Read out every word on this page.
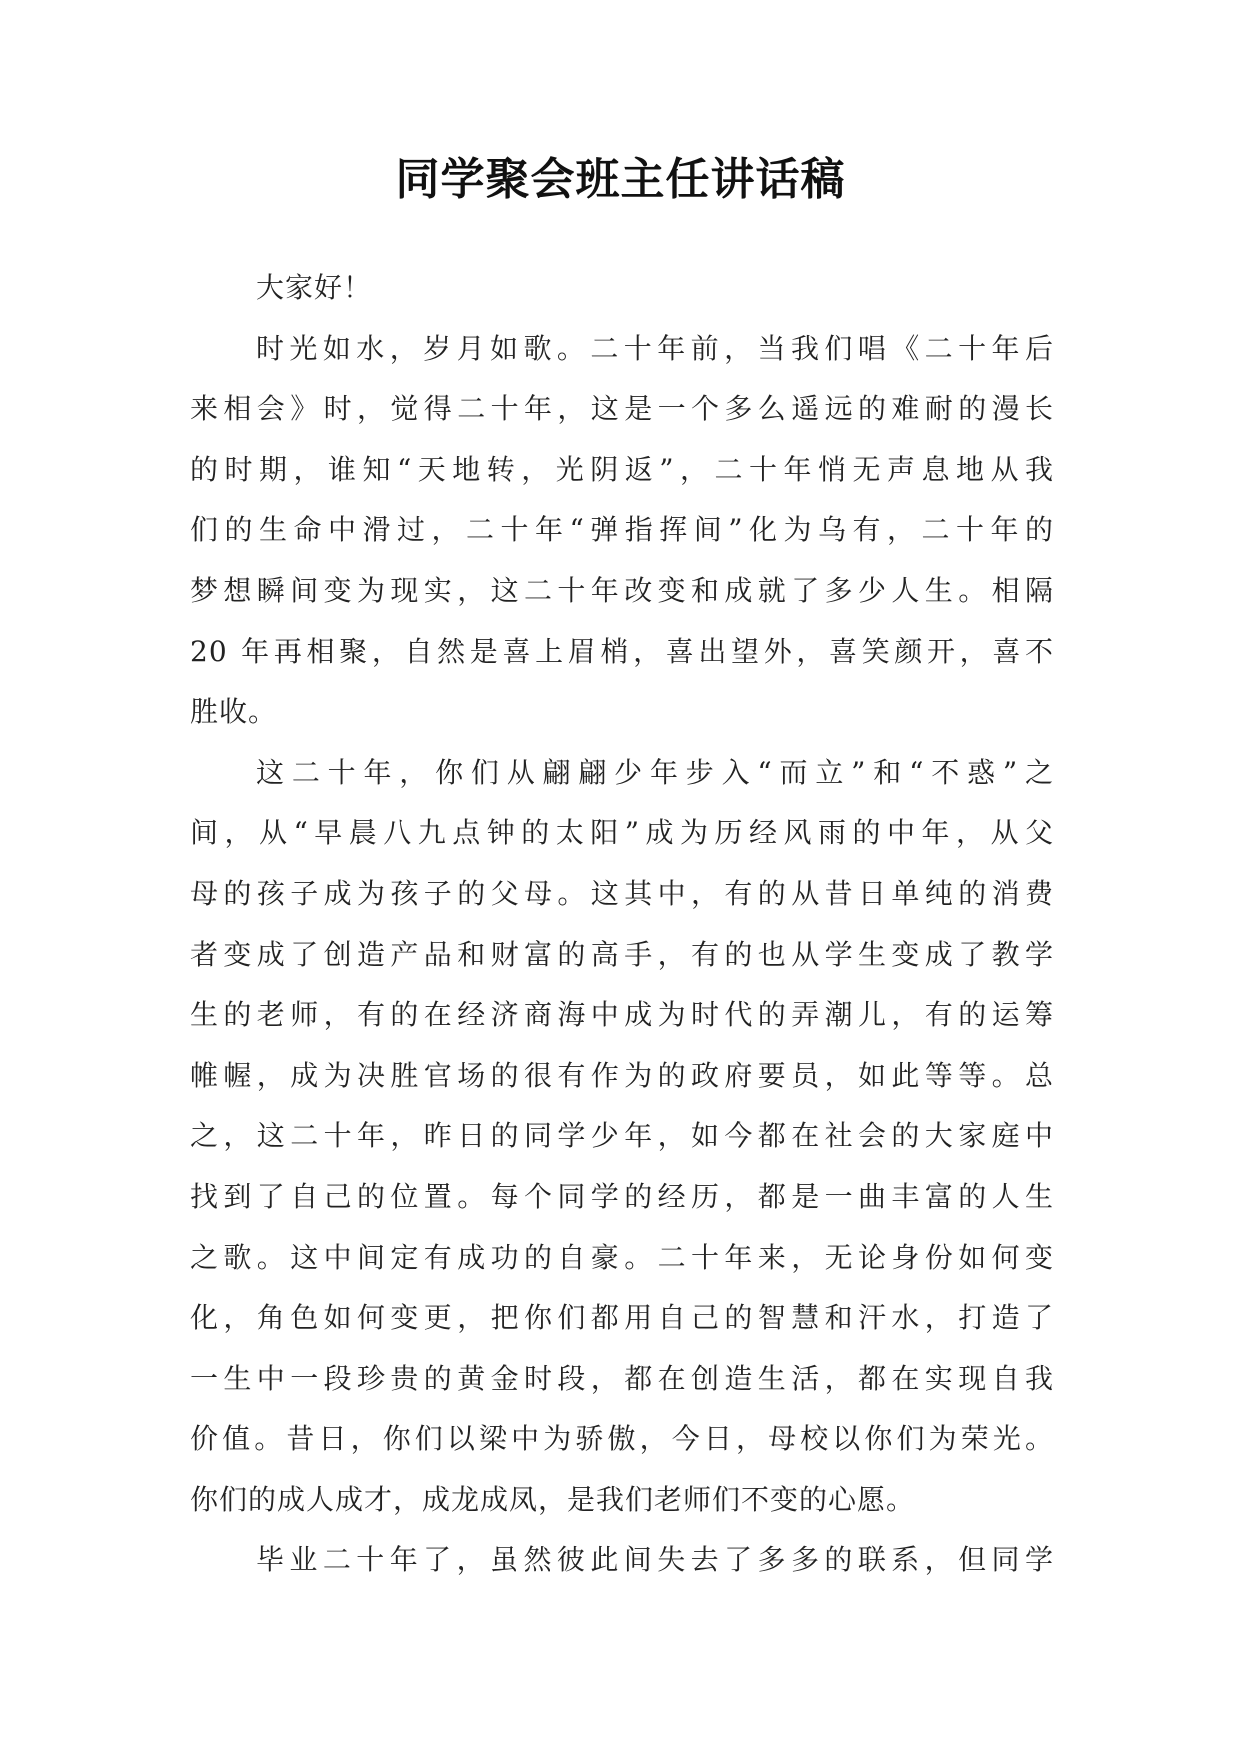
同学聚会班主任讲话稿
大家好！
时光如水，岁月如歌。二十年前，当我们唱《二十年后
来相会》时，觉得二十年，这是一个多么遥远的难耐的漫长
的时期，谁知“天地转，光阴返”，二十年悄无声息地从我
们的生命中滑过，二十年“弹指挥间”化为乌有，二十年的
梦想瞬间变为现实，这二十年改变和成就了多少人生。相隔
20 年再相聚，自然是喜上眉梢，喜出望外，喜笑颜开，喜不
胜收。
这二十年，你们从翩翩少年步入“而立”和“不惑”之
间，从“早晨八九点钟的太阳”成为历经风雨的中年，从父
母的孩子成为孩子的父母。这其中，有的从昔日单纯的消费
者变成了创造产品和财富的高手，有的也从学生变成了教学
生的老师，有的在经济商海中成为时代的弄潮儿，有的运筹
帷幄，成为决胜官场的很有作为的政府要员，如此等等。总
之，这二十年，昨日的同学少年，如今都在社会的大家庭中
找到了自己的位置。每个同学的经历，都是一曲丰富的人生
之歌。这中间定有成功的自豪。二十年来，无论身份如何变
化，角色如何变更，把你们都用自己的智慧和汗水，打造了
一生中一段珍贵的黄金时段，都在创造生活，都在实现自我
价值。昔日，你们以梁中为骄傲，今日，母校以你们为荣光。
你们的成人成才，成龙成凤，是我们老师们不变的心愿。
毕业二十年了，虽然彼此间失去了多多的联系，但同学
